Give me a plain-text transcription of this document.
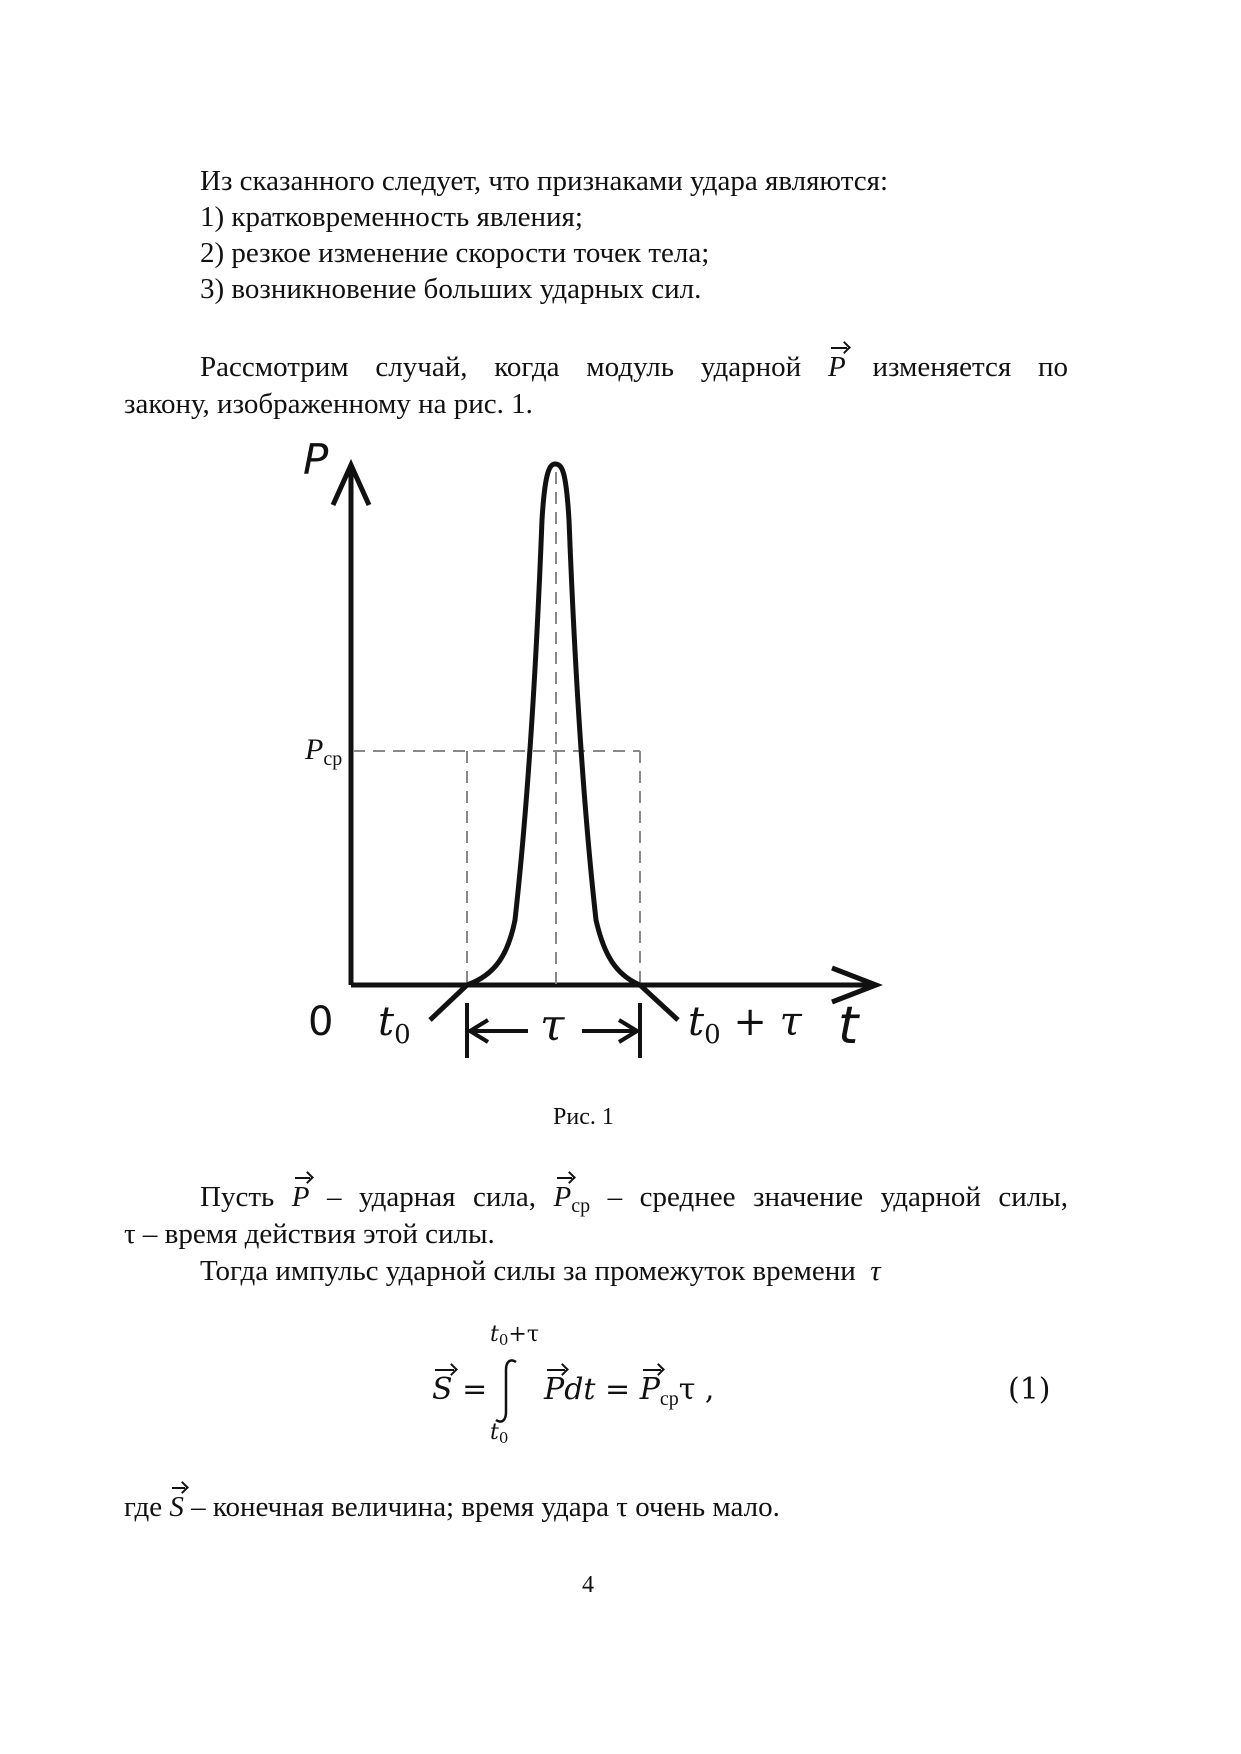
Из сказанного следует, что признаками удара являются:
1) кратковременность явления;
2) резкое изменение скорости точек тела;
3) возникновение больших ударных сил.
Рассмотрим случай, когда модуль ударной P изменяется по
закону, изображенному на рис. 1.
P
t
0
$P_{ср}$
$t_0$	τ	$t_0 + \tau$
Рис. 1
Пусть P – ударная сила, $P_{ср}$ – среднее значение ударной силы,
τ – время действия этой силы.
Тогда импульс ударной силы за промежуток времени τ
$t_0+\tau$
$t_0$
S = Pdt = $P_{ср}\tau$ ,	(1)
где S – конечная величина; время удара τ очень мало.
4
